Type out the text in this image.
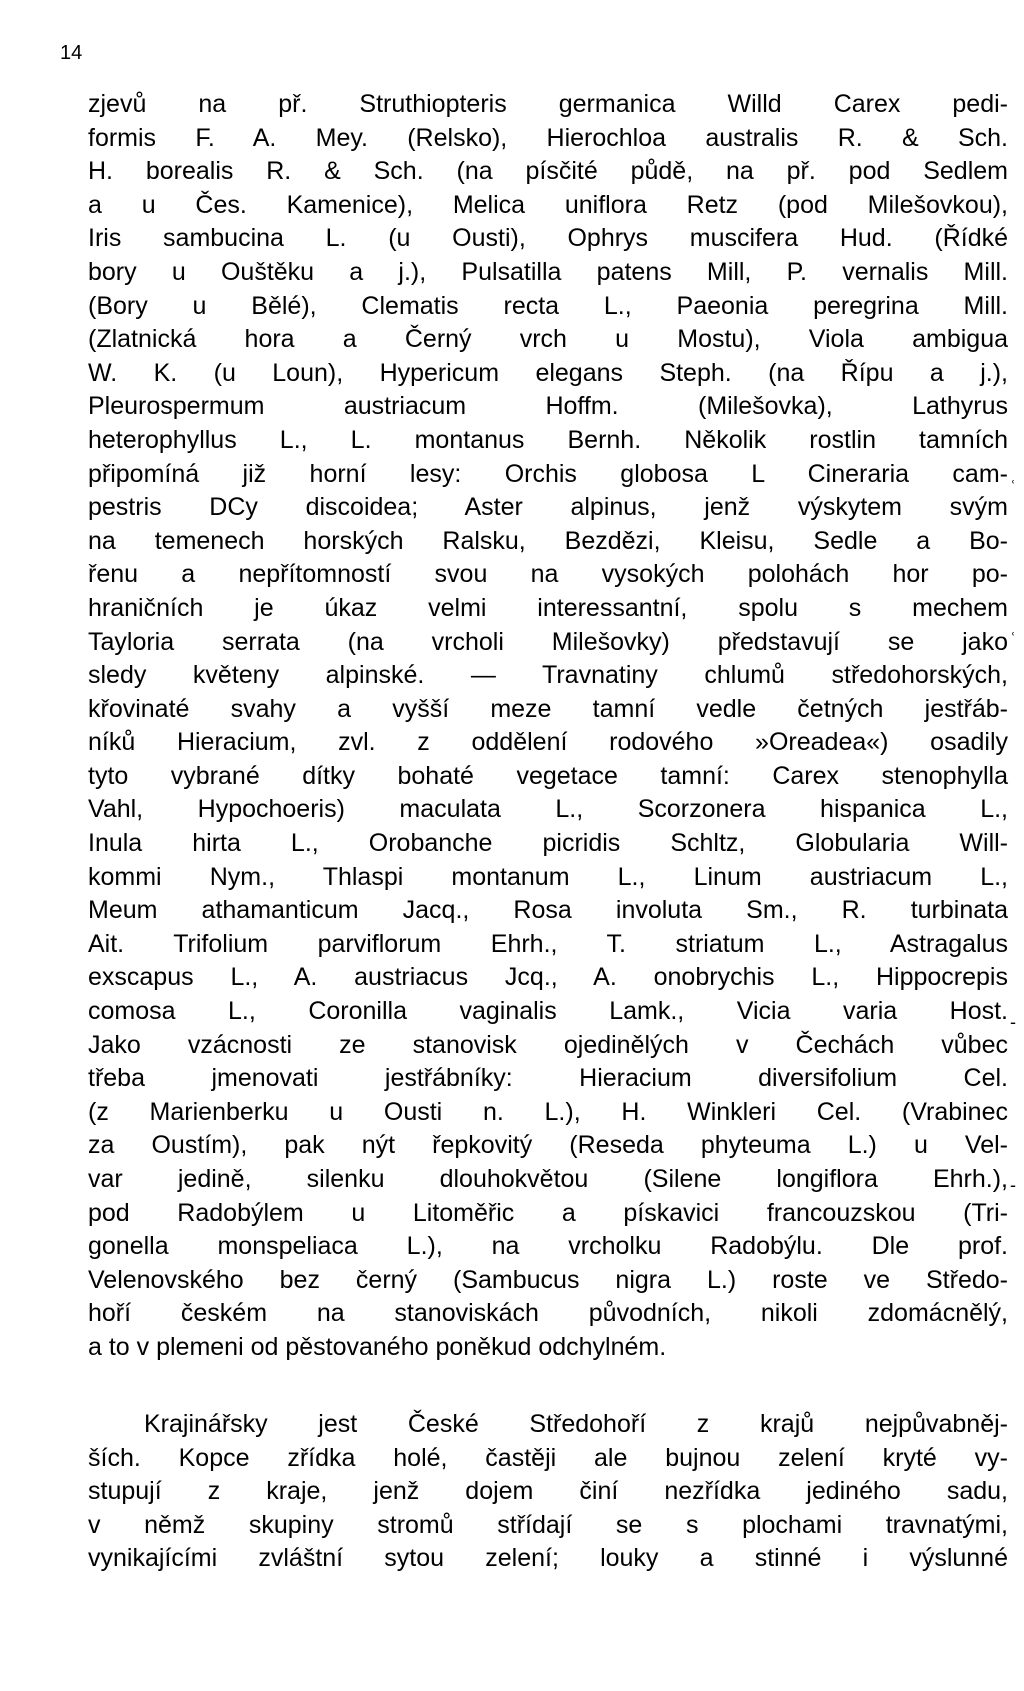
14
zjevů na př. Struthiopteris germanica Willd Carex pedi-
formis F. A. Mey. (Relsko), Hierochloa australis R. & Sch.
H. borealis R. & Sch. (na písčité půdě, na př. pod Sedlem
a u Čes. Kamenice), Melica uniflora Retz (pod Milešovkou),
Iris sambucina L. (u Ousti), Ophrys muscifera Hud. (Řídké
bory u Ouštěku a j.), Pulsatilla patens Mill, P. vernalis Mill.
(Bory u Bělé), Clematis recta L., Paeonia peregrina Mill.
(Zlatnická hora a Černý vrch u Mostu), Viola ambigua
W. K. (u Loun), Hypericum elegans Steph. (na Řípu a j.),
Pleurospermum austriacum Hoffm. (Milešovka), Lathyrus
heterophyllus L., L. montanus Bernh. Několik rostlin tamních
připomíná již horní lesy: Orchis globosa L Cineraria cam-
pestris DCy discoidea; Aster alpinus, jenž výskytem svým
na temenech horských Ralsku, Bezdězi, Kleisu, Sedle a Bo-
řenu a nepřítomností svou na vysokých polohách hor po-
hraničních je úkaz velmi interessantní, spolu s mechem
Tayloria serrata (na vrcholi Milešovky) představují se jako
sledy květeny alpinské. — Travnatiny chlumů středohorských,
křovinaté svahy a vyšší meze tamní vedle četných jestřáb-
níků Hieracium, zvl. z oddělení rodového »Oreadea«) osadily
tyto vybrané dítky bohaté vegetace tamní: Carex stenophylla
Vahl, Hypochoeris) maculata L., Scorzonera hispanica L.,
Inula hirta L., Orobanche picridis Schltz, Globularia Will-
kommi Nym., Thlaspi montanum L., Linum austriacum L.,
Meum athamanticum Jacq., Rosa involuta Sm., R. turbinata
Ait. Trifolium parviflorum Ehrh., T. striatum L., Astragalus
exscapus L., A. austriacus Jcq., A. onobrychis L., Hippocrepis
comosa L., Coronilla vaginalis Lamk., Vicia varia Host.
Jako vzácnosti ze stanovisk ojedinělých v Čechách vůbec
třeba jmenovati jestřábníky: Hieracium diversifolium Cel.
(z Marienberku u Ousti n. L.), H. Winkleri Cel. (Vrabinec
za Oustím), pak nýt řepkovitý (Reseda phyteuma L.) u Vel-
var jedině, silenku dlouhokvětou (Silene longiflora Ehrh.),
pod Radobýlem u Litoměřic a pískavici francouzskou (Tri-
gonella monspeliaca L.), na vrcholku Radobýlu. Dle prof.
Velenovského bez černý (Sambucus nigra L.) roste ve Středo-
hoří českém na stanoviskách původních, nikoli zdomácnělý,
a to v plemeni od pěstovaného poněkud odchylném.
Krajinářsky jest České Středohoří z krajů nejpůvabněj-
ších. Kopce zřídka holé, častěji ale bujnou zelení kryté vy-
stupují z kraje, jenž dojem činí nezřídka jediného sadu,
v němž skupiny stromů střídají se s plochami travnatými,
vynikajícími zvláštní sytou zelení; louky a stinné i výslunné
ʿ
ʿ
-
-
